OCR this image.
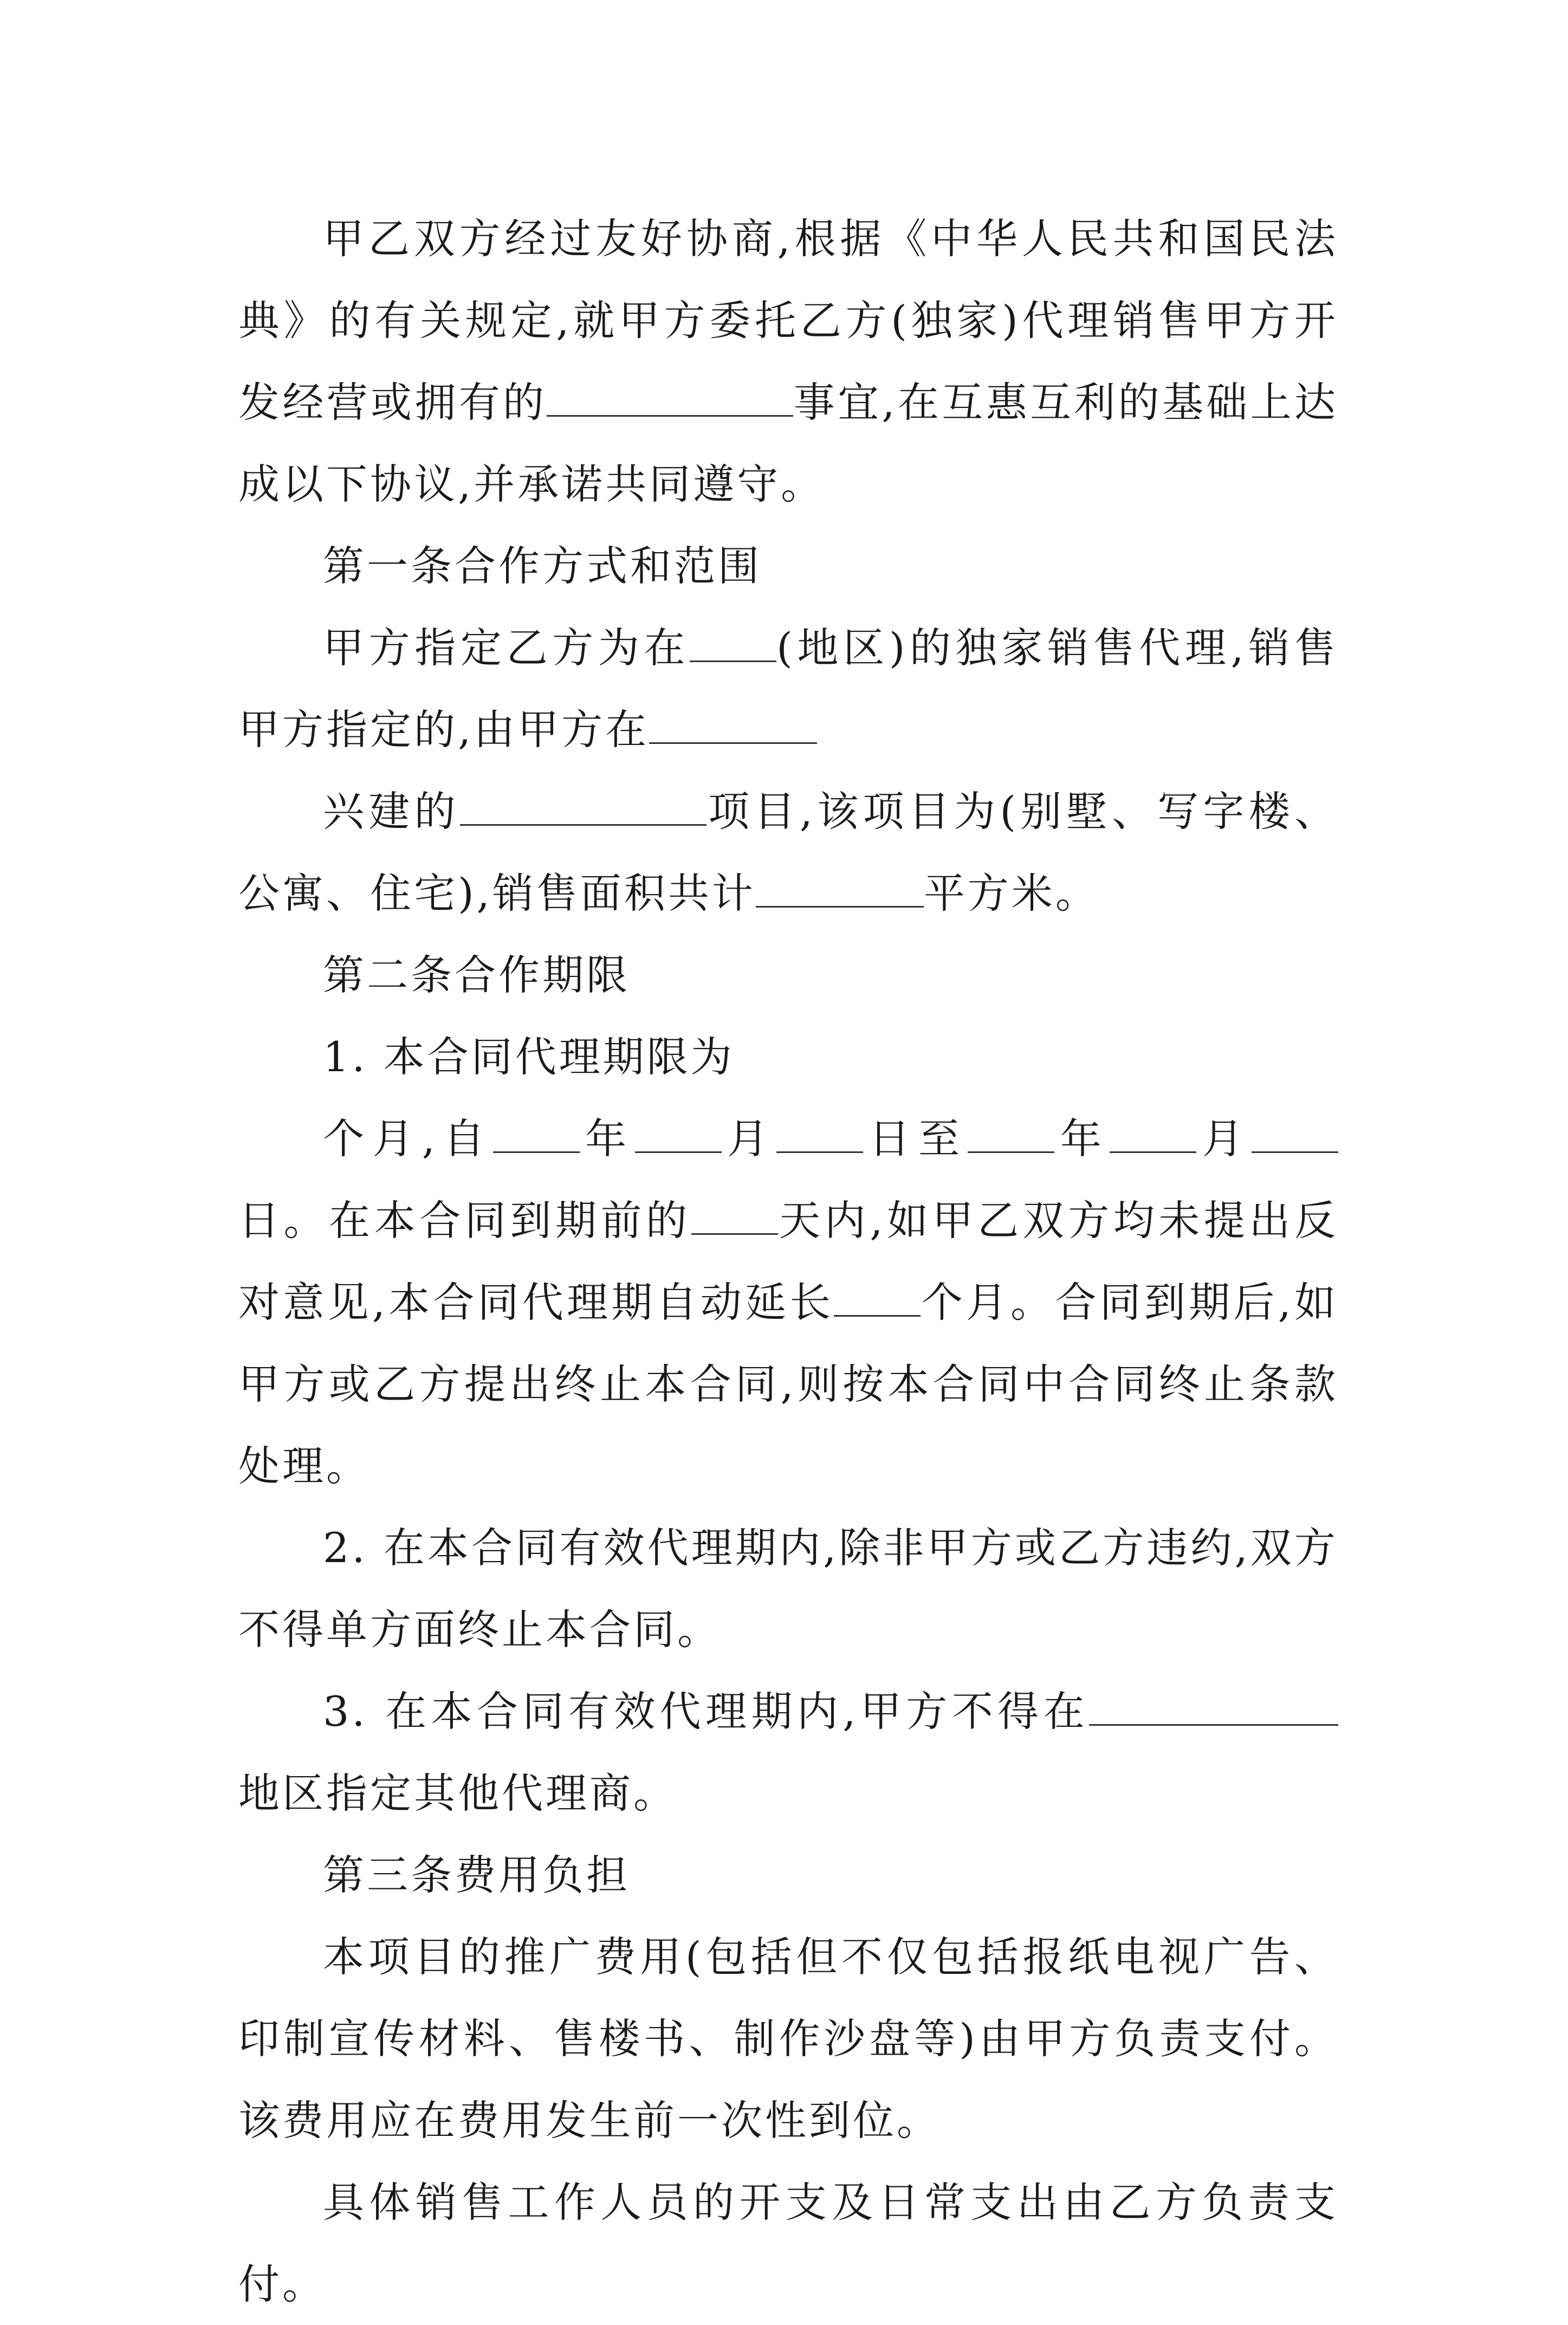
甲乙双方经过友好协商,根据《中华人民共和国民法典》的有关规定,就甲方委托乙方(独家)代理销售甲方开发经营或拥有的	事宜,在互惠互利的基础上达成以下协议,并承诺共同遵守。

第一条合作方式和范围

甲方指定乙方为在 (地区)的独家销售代理,销售甲方指定的,由甲方在

兴建的	项目,该项目为(别墅、写字楼、公寓、住宅),销售面积共计	平方米。

第二条合作期限

1. 本合同代理期限为

个月,自 年 月 日至 年 月日。在本合同到期前的 天内,如甲乙双方均未提出反对意见,本合同代理期自动延长 个月。合同到期后,如甲方或乙方提出终止本合同,则按本合同中合同终止条款处理。

2. 在本合同有效代理期内,除非甲方或乙方违约,双方不得单方面终止本合同。

3. 在本合同有效代理期内,甲方不得在地区指定其他代理商。

第三条费用负担

本项目的推广费用(包括但不仅包括报纸电视广告、印制宣传材料、售楼书、制作沙盘等)由甲方负责支付。该费用应在费用发生前一次性到位。

具体销售工作人员的开支及日常支出由乙方负责支付。
